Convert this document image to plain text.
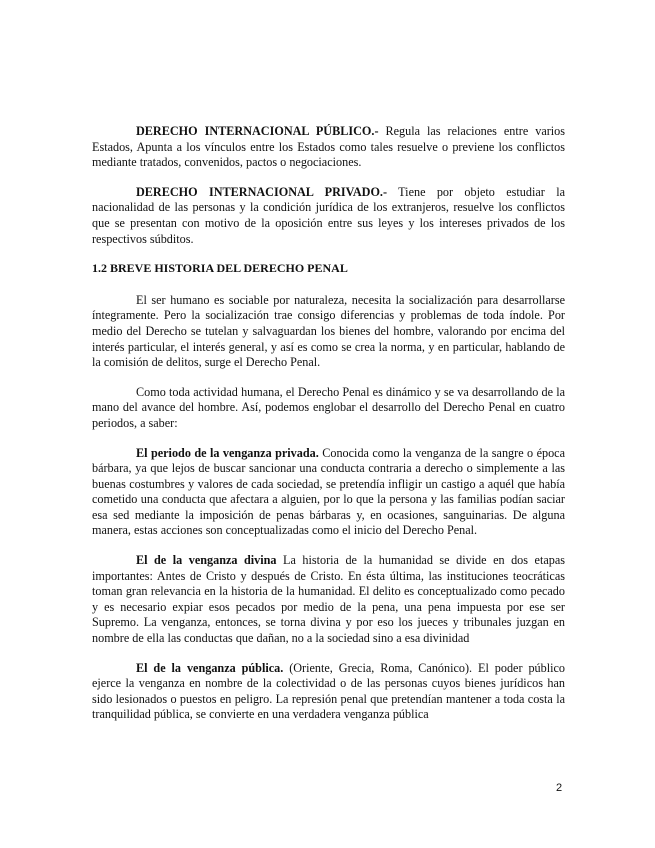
DERECHO INTERNACIONAL PÚBLICO.- Regula las relaciones entre varios Estados, Apunta a los vínculos entre los Estados como tales resuelve o previene los conflictos mediante tratados, convenidos, pactos o negociaciones.

DERECHO INTERNACIONAL PRIVADO.- Tiene por objeto estudiar la nacionalidad de las personas y la condición jurídica de los extranjeros, resuelve los conflictos que se presentan con motivo de la oposición entre sus leyes y los intereses privados de los respectivos súbditos.

1.2 BREVE HISTORIA DEL DERECHO PENAL

El ser humano es sociable por naturaleza, necesita la socialización para desarrollarse íntegramente. Pero la socialización trae consigo diferencias y problemas de toda índole. Por medio del Derecho se tutelan y salvaguardan los bienes del hombre, valorando por encima del interés particular, el interés general, y así es como se crea la norma, y en particular, hablando de la comisión de delitos, surge el Derecho Penal.

Como toda actividad humana, el Derecho Penal es dinámico y se va desarrollando de la mano del avance del hombre. Así, podemos englobar el desarrollo del Derecho Penal en cuatro periodos, a saber:

El periodo de la venganza privada. Conocida como la venganza de la sangre o época bárbara, ya que lejos de buscar sancionar una conducta contraria a derecho o simplemente a las buenas costumbres y valores de cada sociedad, se pretendía infligir un castigo a aquél que había cometido una conducta que afectara a alguien, por lo que la persona y las familias podían saciar esa sed mediante la imposición de penas bárbaras y, en ocasiones, sanguinarias. De alguna manera, estas acciones son conceptualizadas como el inicio del Derecho Penal.

El de la venganza divina La historia de la humanidad se divide en dos etapas importantes: Antes de Cristo y después de Cristo. En ésta última, las instituciones teocráticas toman gran relevancia en la historia de la humanidad. El delito es conceptualizado como pecado y es necesario expiar esos pecados por medio de la pena, una pena impuesta por ese ser Supremo. La venganza, entonces, se torna divina y por eso los jueces y tribunales juzgan en nombre de ella las conductas que dañan, no a la sociedad sino a esa divinidad

El de la venganza pública. (Oriente, Grecia, Roma, Canónico). El poder público ejerce la venganza en nombre de la colectividad o de las personas cuyos bienes jurídicos han sido lesionados o puestos en peligro. La represión penal que pretendían mantener a toda costa la tranquilidad pública, se convierte en una verdadera venganza pública

2
